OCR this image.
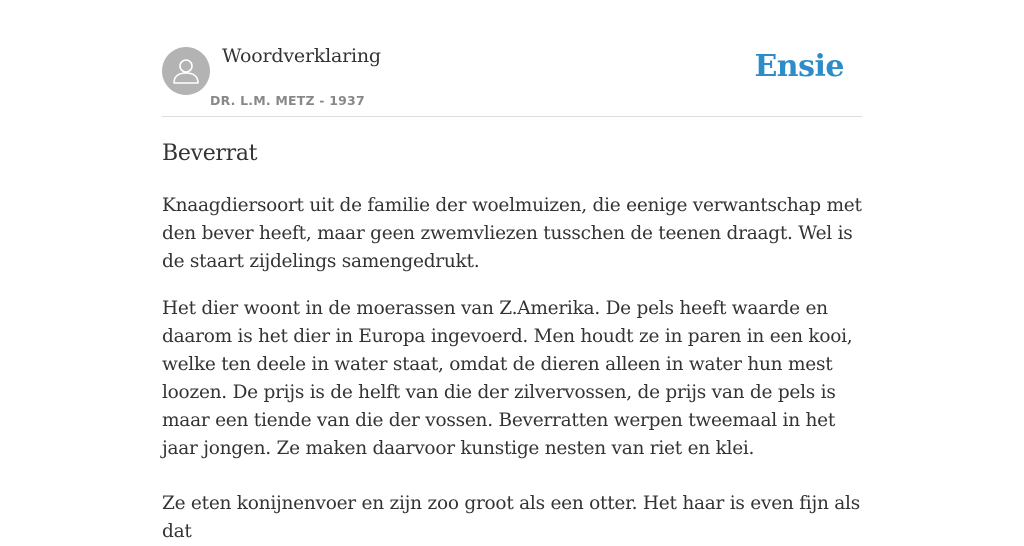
Woordverklaring
DR. L.M. METZ - 1937
Ensie
Beverrat

Knaagdiersoort uit de familie der woelmuizen, die eenige verwantschap met den bever heeft, maar geen zwemvliezen tusschen de teenen draagt. Wel is de staart zijdelings samengedrukt.

Het dier woont in de moerassen van Z.Amerika. De pels heeft waarde en daarom is het dier in Europa ingevoerd. Men houdt ze in paren in een kooi, welke ten deele in water staat, omdat de dieren alleen in water hun mest loozen. De prijs is de helft van die der zilvervossen, de prijs van de pels is maar een tiende van die der vossen. Beverratten werpen tweemaal in het jaar jongen. Ze maken daarvoor kunstige nesten van riet en klei.

Ze eten konijnenvoer en zijn zoo groot als een otter. Het haar is even fijn als dat
